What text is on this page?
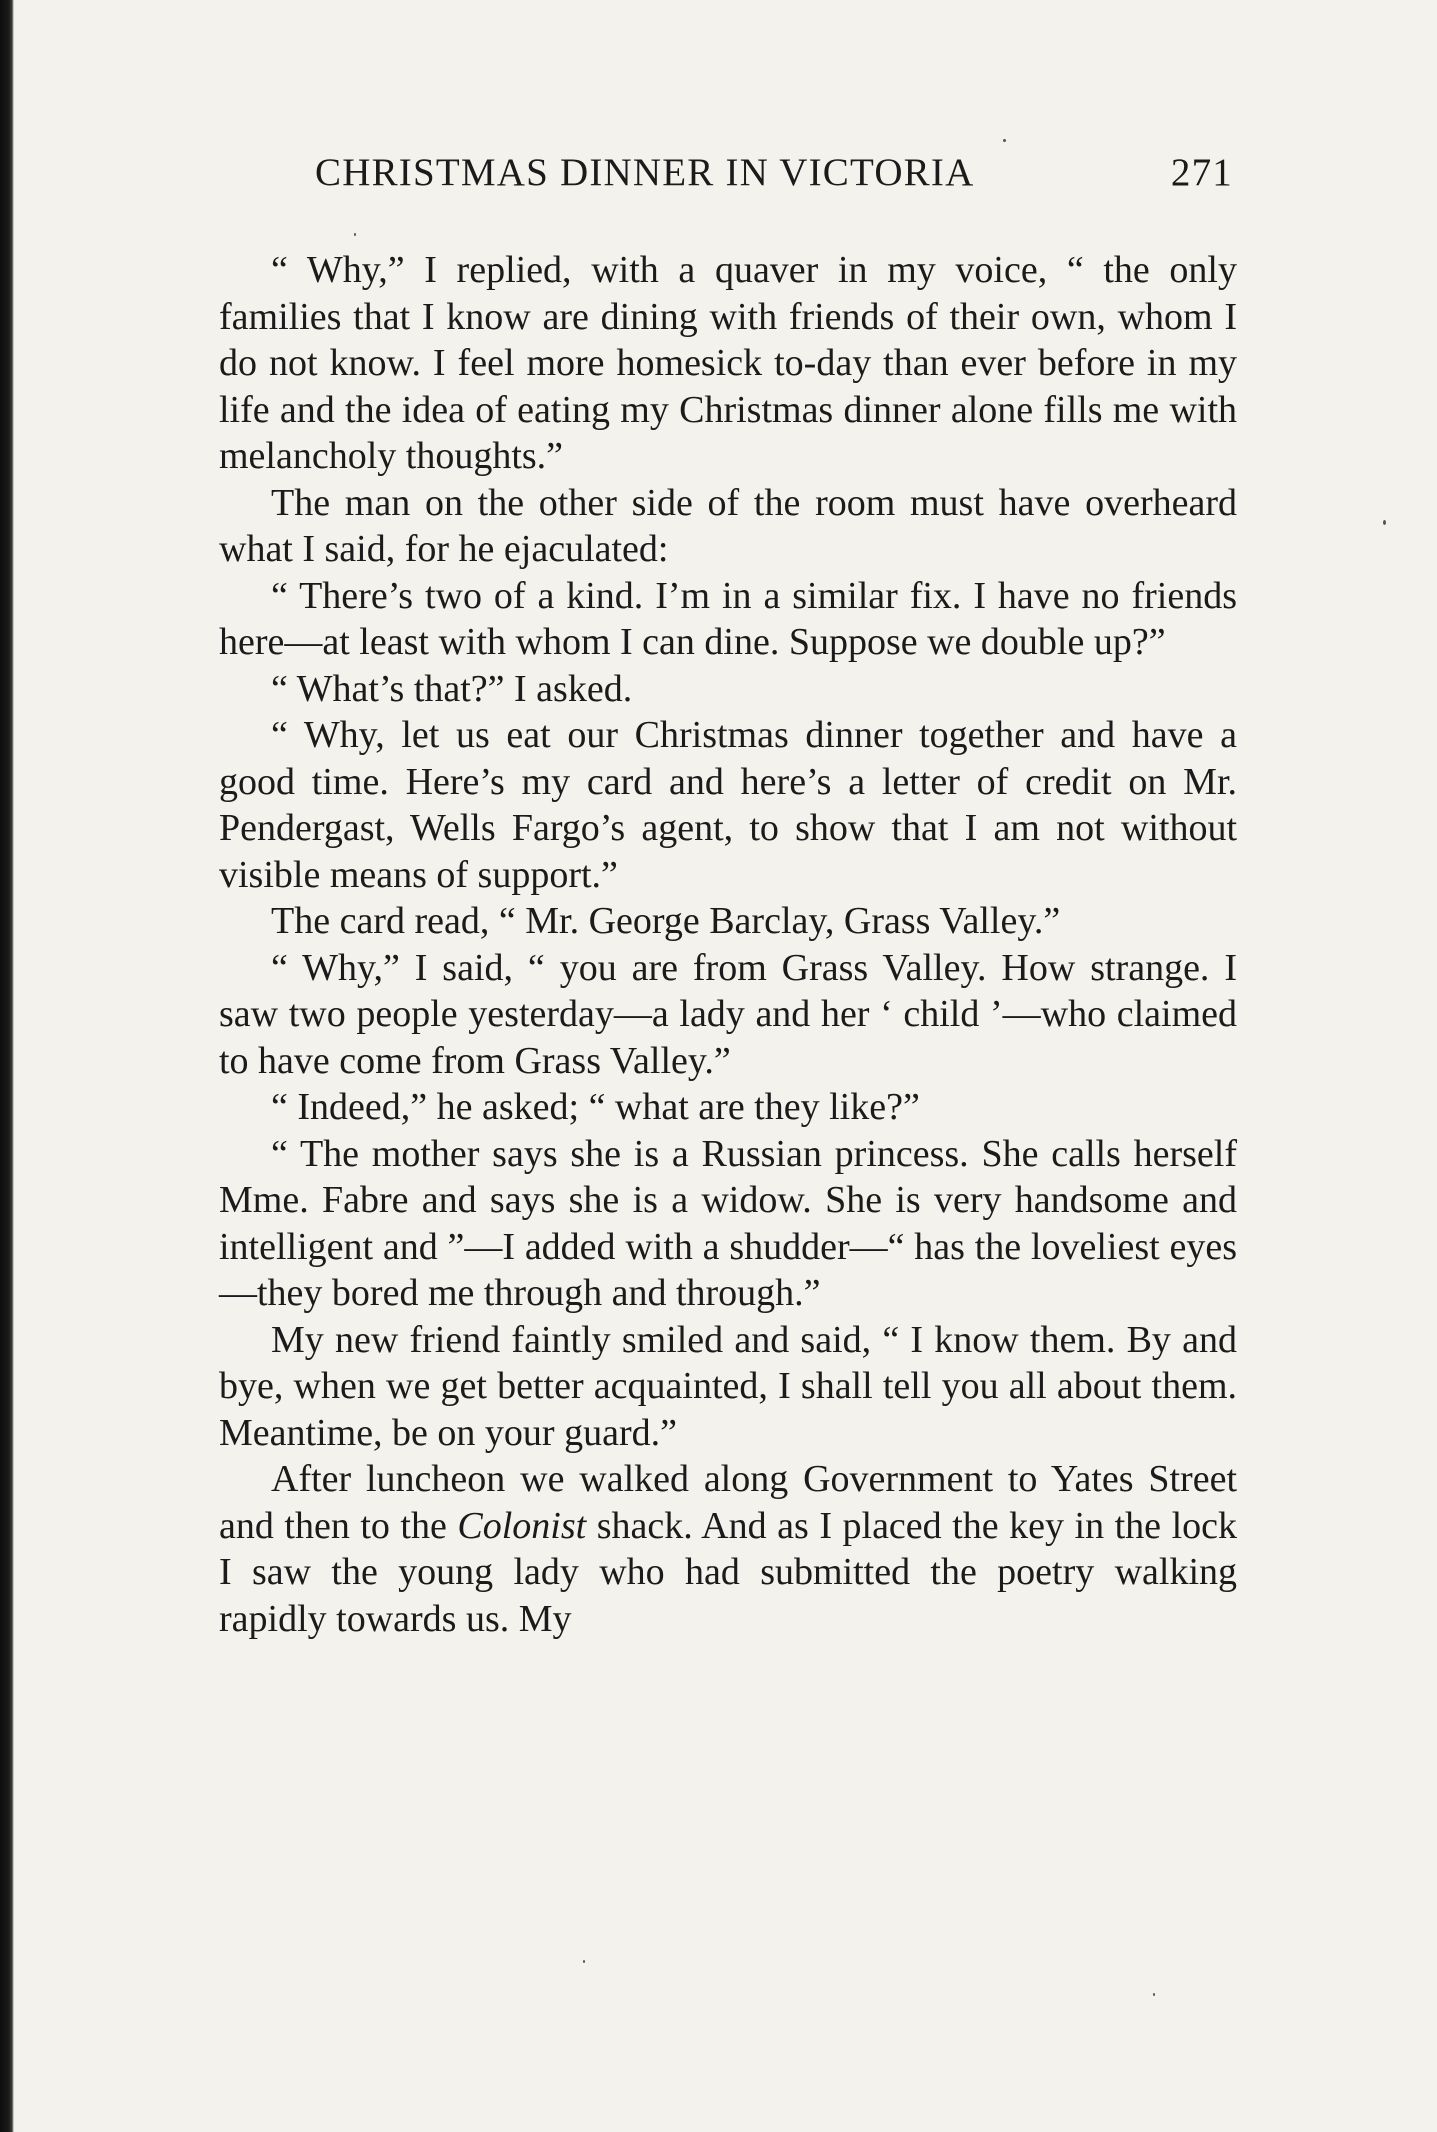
CHRISTMAS DINNER IN VICTORIA	271

“ Why,” I replied, with a quaver in my voice, “ the only families that I know are dining with friends of their own, whom I do not know. I feel more homesick to-day than ever before in my life and the idea of eating my Christmas dinner alone fills me with melancholy thoughts.”

The man on the other side of the room must have overheard what I said, for he ejaculated:

“ There’s two of a kind. I’m in a similar fix. I have no friends here—at least with whom I can dine. Suppose we double up?”

“ What’s that?” I asked.

“ Why, let us eat our Christmas dinner together and have a good time. Here’s my card and here’s a letter of credit on Mr. Pendergast, Wells Fargo’s agent, to show that I am not without visible means of support.”

The card read, “ Mr. George Barclay, Grass Valley.”

“ Why,” I said, “ you are from Grass Valley. How strange. I saw two people yesterday—a lady and her ‘ child ’—who claimed to have come from Grass Valley.”

“ Indeed,” he asked; “ what are they like?”

“ The mother says she is a Russian princess. She calls herself Mme. Fabre and says she is a widow. She is very handsome and intelligent and ”—I added with a shudder—“ has the loveliest eyes—they bored me through and through.”

My new friend faintly smiled and said, “ I know them. By and bye, when we get better acquainted, I shall tell you all about them. Meantime, be on your guard.”

After luncheon we walked along Government to Yates Street and then to the Colonist shack. And as I placed the key in the lock I saw the young lady who had submitted the poetry walking rapidly towards us. My
